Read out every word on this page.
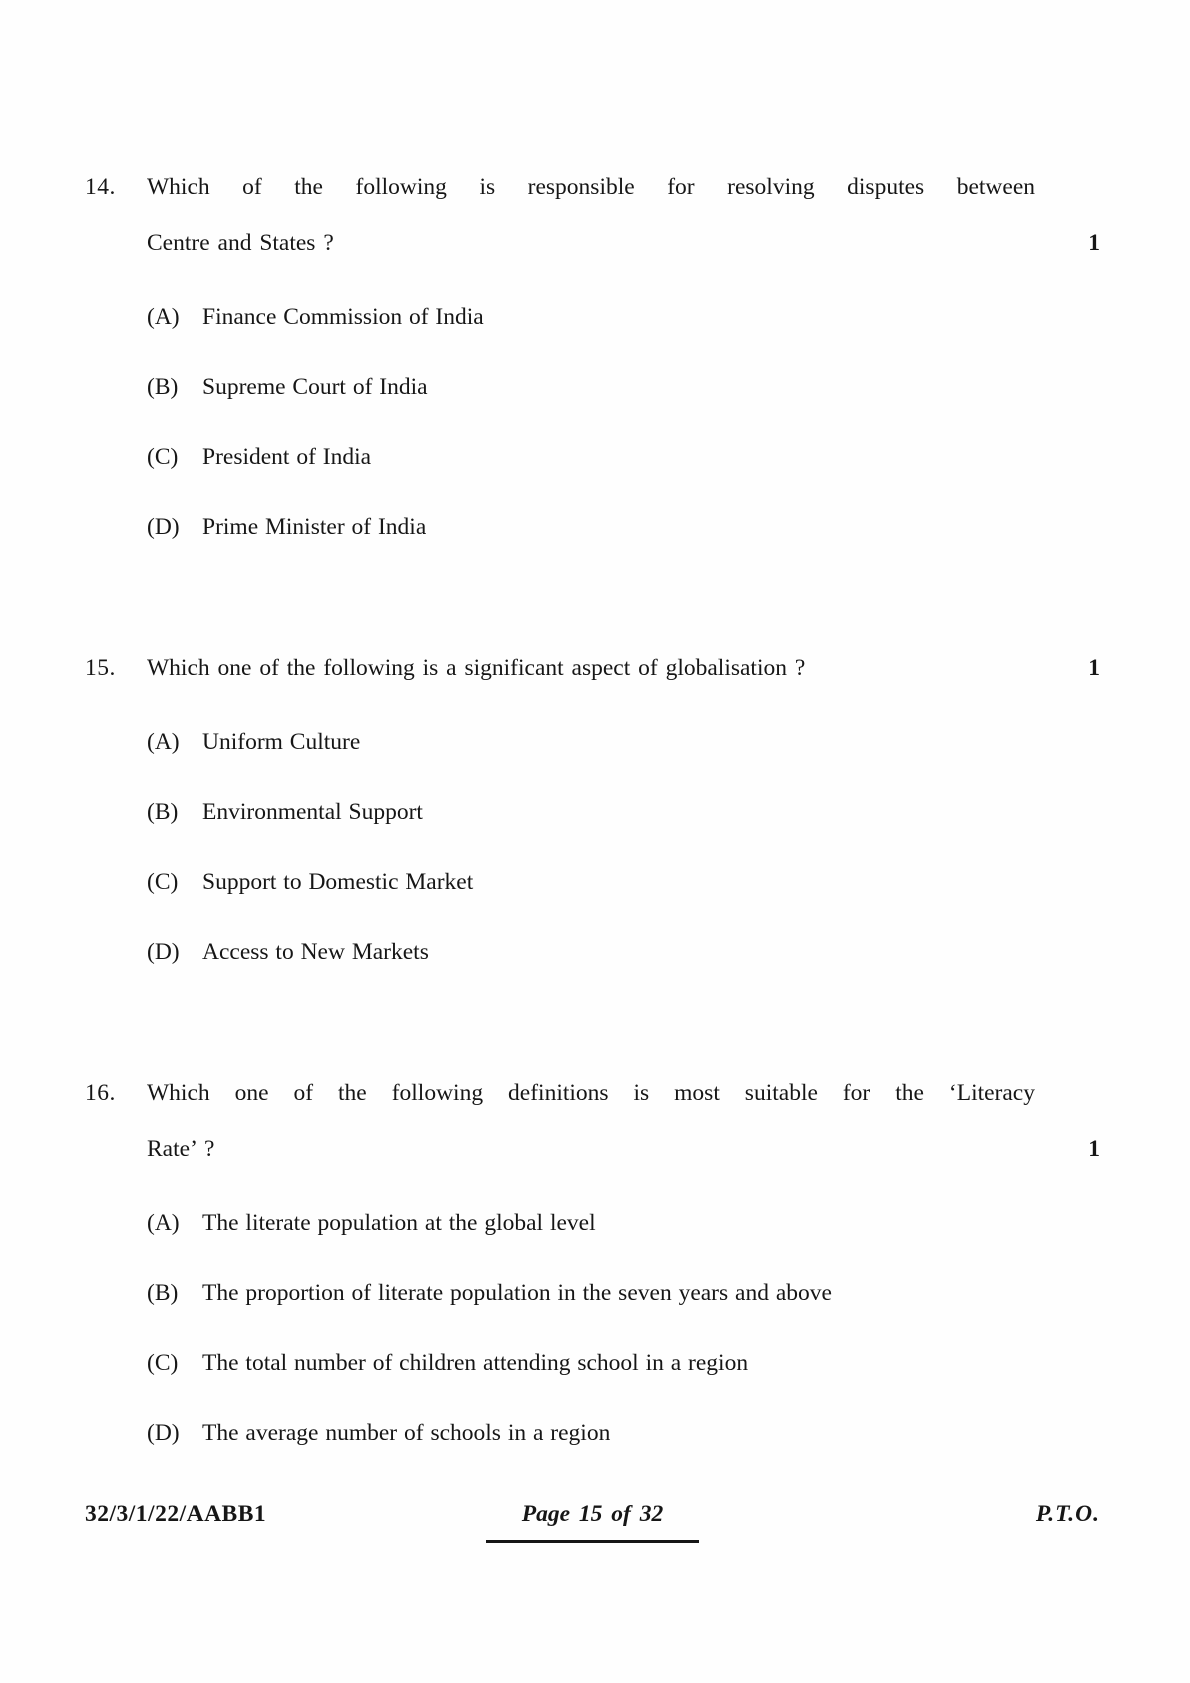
14.	Which of the following is responsible for resolving disputes between
Centre and States ?	1
(A) Finance Commission of India
(B)	Supreme Court of India
(C)	President of India
(D) Prime Minister of India
15.	Which one of the following is a significant aspect of globalisation ?	1
(A) Uniform Culture
(B)	Environmental Support
(C)	Support to Domestic Market
(D) Access to New Markets
16.	Which one of the following definitions is most suitable for the ‘Literacy
Rate’ ?	1
(A) The literate population at the global level
(B)	The proportion of literate population in the seven years and above
(C)	The total number of children attending school in a region
(D) The average number of schools in a region
32/3/1/22/AABB1	Page 15 of 32	P.T.O.
